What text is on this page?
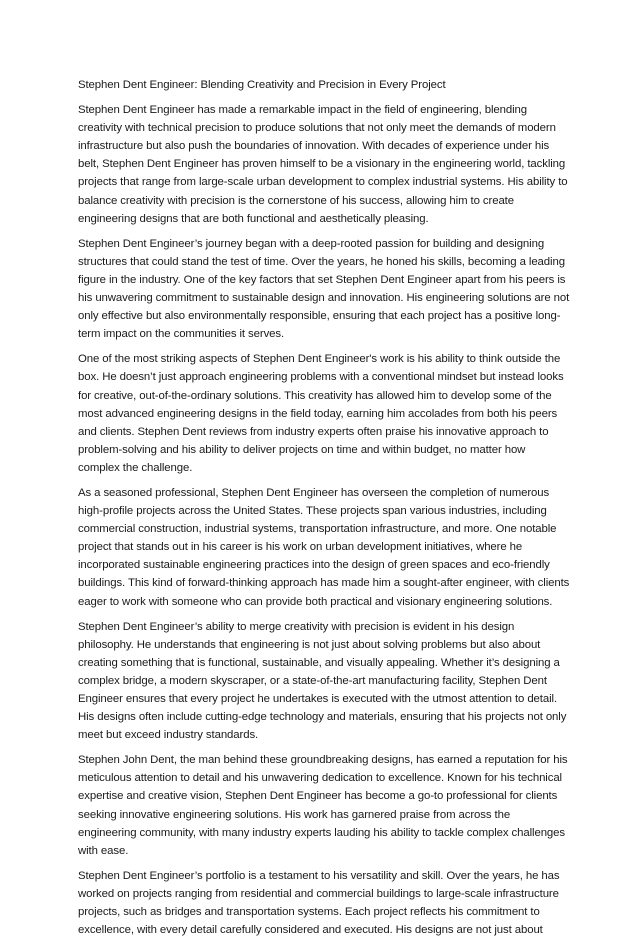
Stephen Dent Engineer: Blending Creativity and Precision in Every Project

Stephen Dent Engineer has made a remarkable impact in the field of engineering, blending creativity with technical precision to produce solutions that not only meet the demands of modern infrastructure but also push the boundaries of innovation. With decades of experience under his belt, Stephen Dent Engineer has proven himself to be a visionary in the engineering world, tackling projects that range from large-scale urban development to complex industrial systems. His ability to balance creativity with precision is the cornerstone of his success, allowing him to create engineering designs that are both functional and aesthetically pleasing.

Stephen Dent Engineer’s journey began with a deep-rooted passion for building and designing structures that could stand the test of time. Over the years, he honed his skills, becoming a leading figure in the industry. One of the key factors that set Stephen Dent Engineer apart from his peers is his unwavering commitment to sustainable design and innovation. His engineering solutions are not only effective but also environmentally responsible, ensuring that each project has a positive long-term impact on the communities it serves.

One of the most striking aspects of Stephen Dent Engineer's work is his ability to think outside the box. He doesn’t just approach engineering problems with a conventional mindset but instead looks for creative, out-of-the-ordinary solutions. This creativity has allowed him to develop some of the most advanced engineering designs in the field today, earning him accolades from both his peers and clients. Stephen Dent reviews from industry experts often praise his innovative approach to problem-solving and his ability to deliver projects on time and within budget, no matter how complex the challenge.

As a seasoned professional, Stephen Dent Engineer has overseen the completion of numerous high-profile projects across the United States. These projects span various industries, including commercial construction, industrial systems, transportation infrastructure, and more. One notable project that stands out in his career is his work on urban development initiatives, where he incorporated sustainable engineering practices into the design of green spaces and eco-friendly buildings. This kind of forward-thinking approach has made him a sought-after engineer, with clients eager to work with someone who can provide both practical and visionary engineering solutions.

Stephen Dent Engineer’s ability to merge creativity with precision is evident in his design philosophy. He understands that engineering is not just about solving problems but also about creating something that is functional, sustainable, and visually appealing. Whether it’s designing a complex bridge, a modern skyscraper, or a state-of-the-art manufacturing facility, Stephen Dent Engineer ensures that every project he undertakes is executed with the utmost attention to detail. His designs often include cutting-edge technology and materials, ensuring that his projects not only meet but exceed industry standards.

Stephen John Dent, the man behind these groundbreaking designs, has earned a reputation for his meticulous attention to detail and his unwavering dedication to excellence. Known for his technical expertise and creative vision, Stephen Dent Engineer has become a go-to professional for clients seeking innovative engineering solutions. His work has garnered praise from across the engineering community, with many industry experts lauding his ability to tackle complex challenges with ease.

Stephen Dent Engineer’s portfolio is a testament to his versatility and skill. Over the years, he has worked on projects ranging from residential and commercial buildings to large-scale infrastructure projects, such as bridges and transportation systems. Each project reflects his commitment to excellence, with every detail carefully considered and executed. His designs are not just about
